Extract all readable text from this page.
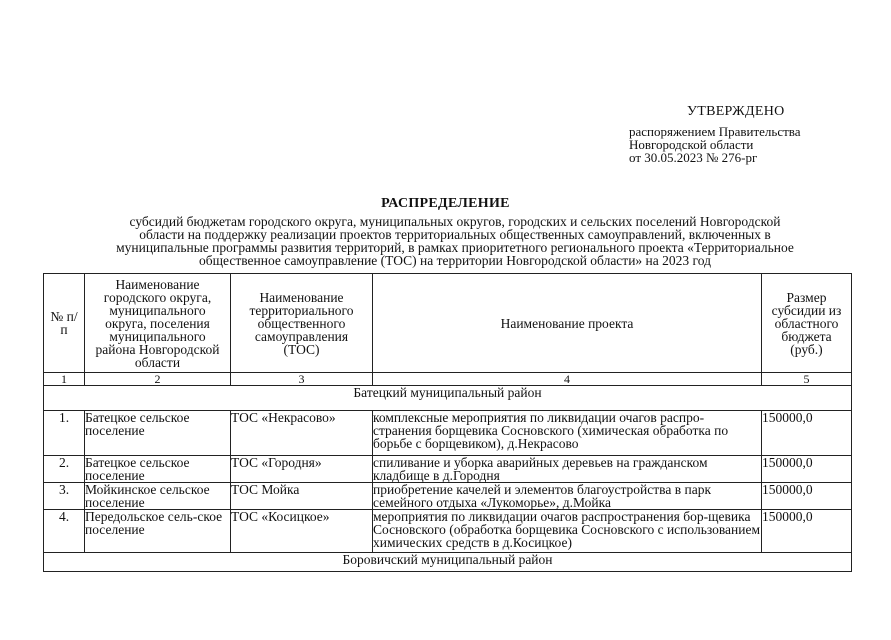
УТВЕРЖДЕНО
распоряжением Правительства
Новгородской области
от 30.05.2023 № 276-рг
РАСПРЕДЕЛЕНИЕ
субсидий бюджетам городского округа, муниципальных округов, городских и сельских поселений Новгородской
области на поддержку реализации проектов территориальных общественных самоуправлений, включенных в
муниципальные программы развития территорий, в рамках приоритетного регионального проекта «Территориальное
общественное самоуправление (ТОС) на территории Новгородской области» на 2023 год
№ п/п	Наименование городского округа, муниципального округа, поселения муниципального района Новгородской области	Наименование территориального общественного самоуправления (ТОС)	Наименование проекта	Размер субсидии из областного бюджета (руб.)
1	2	3	4	5
Батецкий муниципальный район				
1.	Батецкое сельское поселение	ТОС «Некрасово»	комплексные мероприятия по ликвидации очагов распро-странения борщевика Сосновского (химическая обработка по борьбе с борщевиком), д.Некрасово	150000,0
2.	Батецкое сельское поселение	ТОС «Городня»	спиливание и уборка аварийных деревьев на гражданском кладбище в д.Городня	150000,0
3.	Мойкинское сельское поселение	ТОС Мойка	приобретение качелей и элементов благоустройства в парк семейного отдыха «Лукоморье», д.Мойка	150000,0
4.	Передольское сель-ское поселение	ТОС «Косицкое»	мероприятия по ликвидации очагов распространения бор-щевика Сосновского (обработка борщевика Сосновского с использованием химических средств в д.Косицкое)	150000,0
Боровичский муниципальный район				
